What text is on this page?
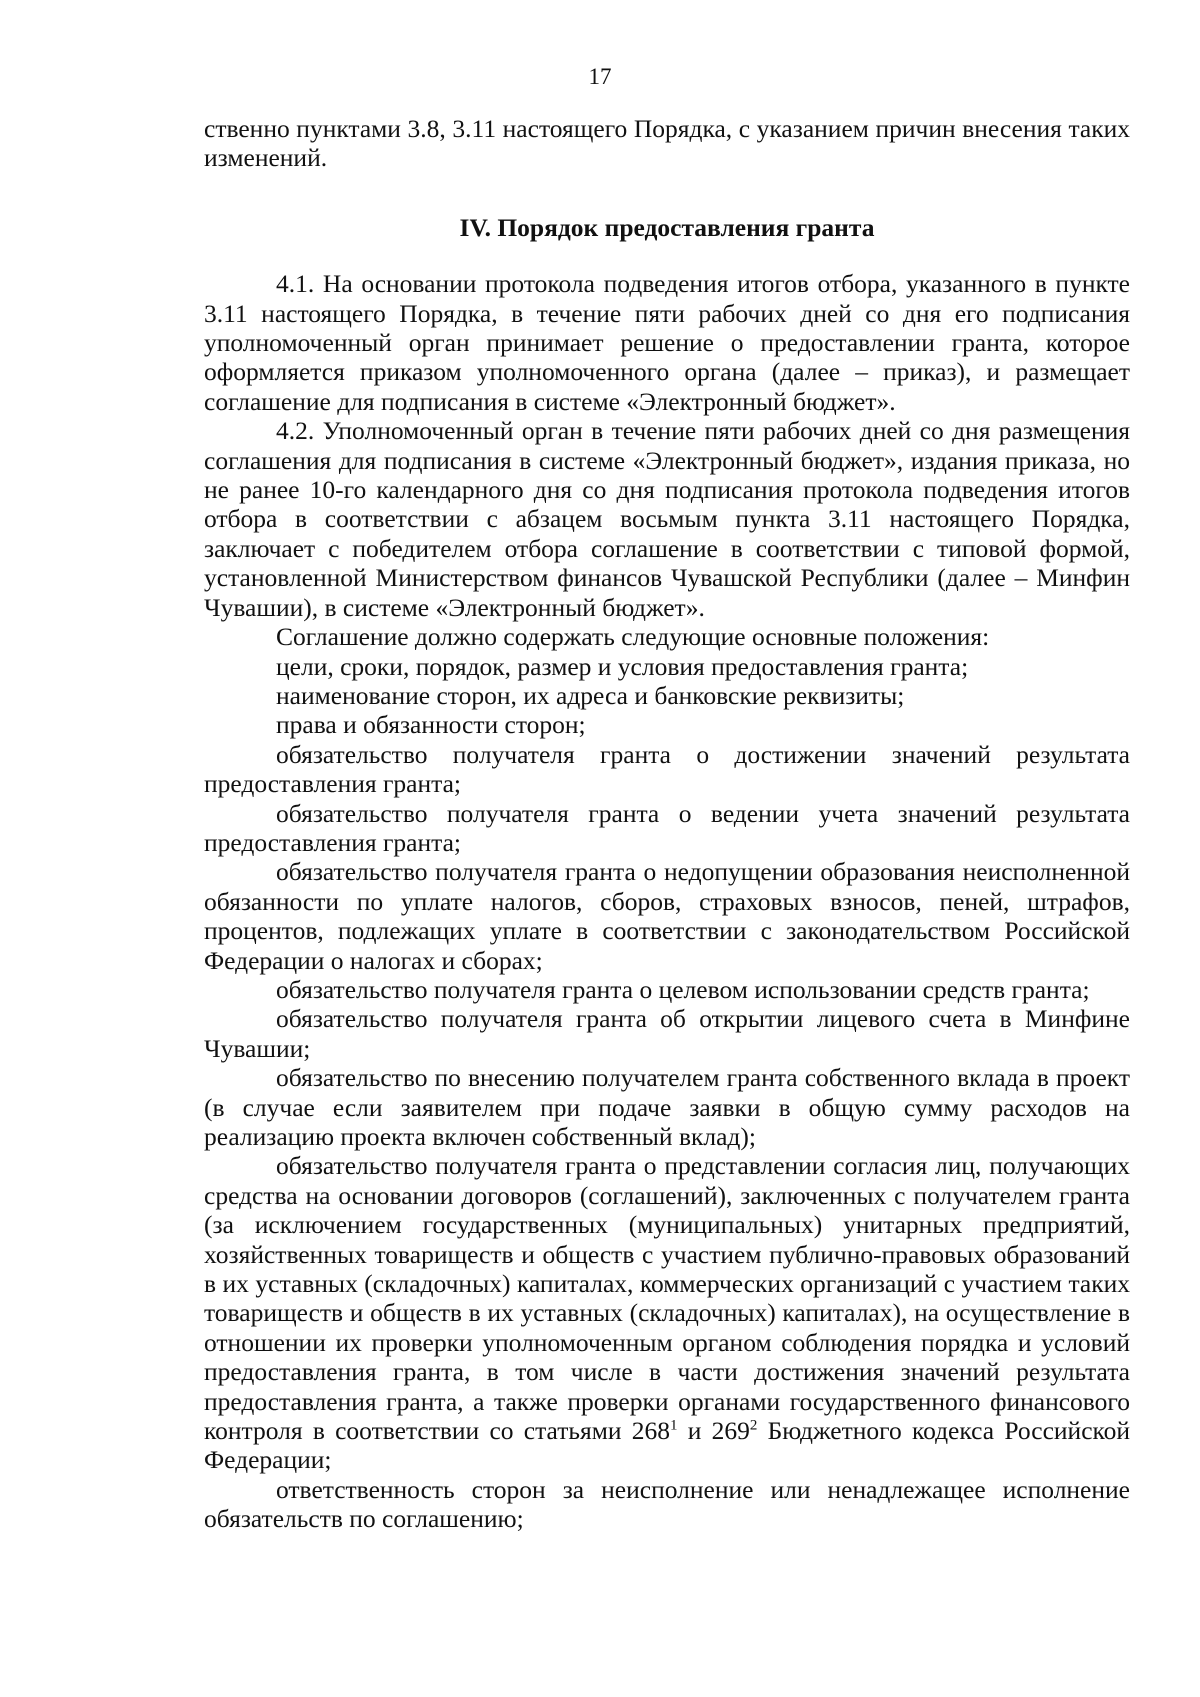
17

ственно пунктами 3.8, 3.11 настоящего Порядка, с указанием причин внесения таких изменений.

IV. Порядок предоставления гранта

4.1. На основании протокола подведения итогов отбора, указанного в пункте 3.11 настоящего Порядка, в течение пяти рабочих дней со дня его подписания уполномоченный орган принимает решение о предоставлении гранта, которое оформляется приказом уполномоченного органа (далее – приказ), и размещает соглашение для подписания в системе «Электронный бюджет».

4.2. Уполномоченный орган в течение пяти рабочих дней со дня размещения соглашения для подписания в системе «Электронный бюджет», издания приказа, но не ранее 10-го календарного дня со дня подписания протокола подведения итогов отбора в соответствии с абзацем восьмым пункта 3.11 настоящего Порядка, заключает с победителем отбора соглашение в соответствии с типовой формой, установленной Министерством финансов Чувашской Республики (далее – Минфин Чувашии), в системе «Электронный бюджет».

Соглашение должно содержать следующие основные положения:

цели, сроки, порядок, размер и условия предоставления гранта;

наименование сторон, их адреса и банковские реквизиты;

права и обязанности сторон;

обязательство получателя гранта о достижении значений результата предоставления гранта;

обязательство получателя гранта о ведении учета значений результата предоставления гранта;

обязательство получателя гранта о недопущении образования неисполненной обязанности по уплате налогов, сборов, страховых взносов, пеней, штрафов, процентов, подлежащих уплате в соответствии с законодательством Российской Федерации о налогах и сборах;

обязательство получателя гранта о целевом использовании средств гранта;

обязательство получателя гранта об открытии лицевого счета в Минфине Чувашии;

обязательство по внесению получателем гранта собственного вклада в проект (в случае если заявителем при подаче заявки в общую сумму расходов на реализацию проекта включен собственный вклад);

обязательство получателя гранта о представлении согласия лиц, получающих средства на основании договоров (соглашений), заключенных с получателем гранта (за исключением государственных (муниципальных) унитарных предприятий, хозяйственных товариществ и обществ с участием публично-правовых образований в их уставных (складочных) капиталах, коммерческих организаций с участием таких товариществ и обществ в их уставных (складочных) капиталах), на осуществление в отношении их проверки уполномоченным органом соблюдения порядка и условий предоставления гранта, в том числе в части достижения значений результата предоставления гранта, а также проверки органами государственного финансового контроля в соответствии со статьями $268^1$ и $269^2$ Бюджетного кодекса Российской Федерации;

ответственность сторон за неисполнение или ненадлежащее исполнение обязательств по соглашению;
